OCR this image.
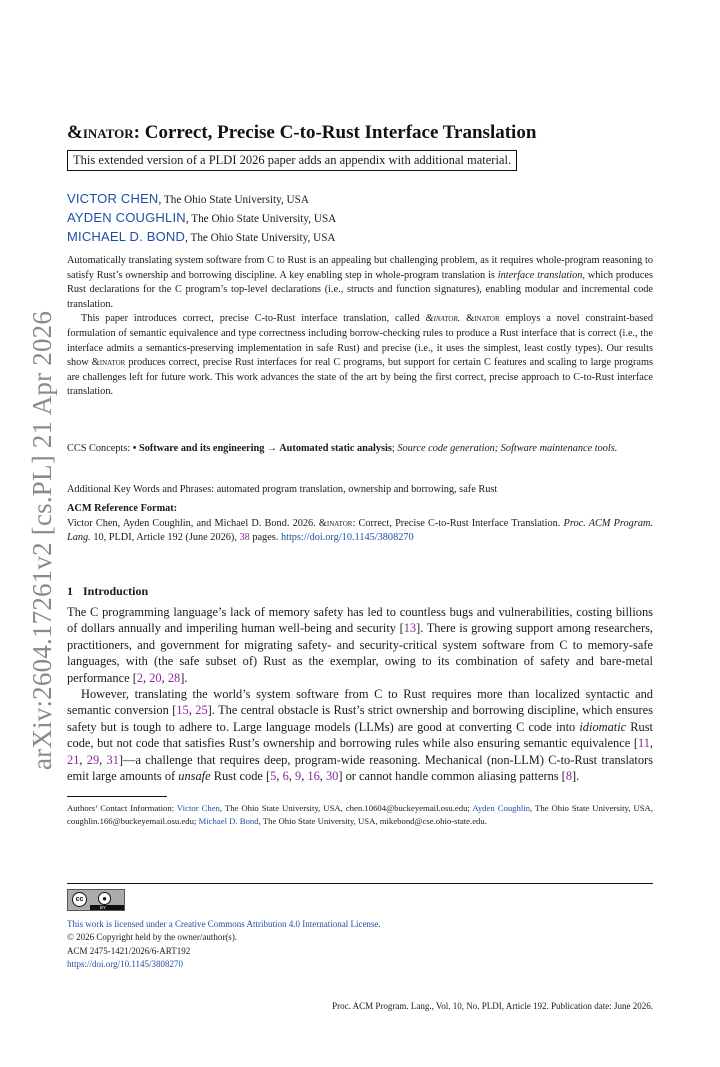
arXiv:2604.17261v2 [cs.PL] 21 Apr 2026
&inator: Correct, Precise C-to-Rust Interface Translation
This extended version of a PLDI 2026 paper adds an appendix with additional material.
VICTOR CHEN, The Ohio State University, USA
AYDEN COUGHLIN, The Ohio State University, USA
MICHAEL D. BOND, The Ohio State University, USA

Automatically translating system software from C to Rust is an appealing but challenging problem, as it requires whole-program reasoning to satisfy Rust’s ownership and borrowing discipline. A key enabling step in whole-program translation is interface translation, which produces Rust declarations for the C program’s top-level declarations (i.e., structs and function signatures), enabling modular and incremental code translation.

This paper introduces correct, precise C-to-Rust interface translation, called &inator. &inator employs a novel constraint-based formulation of semantic equivalence and type correctness including borrow-checking rules to produce a Rust interface that is correct (i.e., the interface admits a semantics-preserving implementation in safe Rust) and precise (i.e., it uses the simplest, least costly types). Our results show &inator produces correct, precise Rust interfaces for real C programs, but support for certain C features and scaling to large programs are challenges left for future work. This work advances the state of the art by being the first correct, precise approach to C-to-Rust interface translation.

CCS Concepts: • Software and its engineering → Automated static analysis; Source code generation; Software maintenance tools.

Additional Key Words and Phrases: automated program translation, ownership and borrowing, safe Rust

ACM Reference Format:
Victor Chen, Ayden Coughlin, and Michael D. Bond. 2026. &inator: Correct, Precise C-to-Rust Interface Translation. Proc. ACM Program. Lang. 10, PLDI, Article 192 (June 2026), 38 pages. https://doi.org/10.1145/3808270
1 Introduction

The C programming language’s lack of memory safety has led to countless bugs and vulnerabilities, costing billions of dollars annually and imperiling human well-being and security [13]. There is growing support among researchers, practitioners, and government for migrating safety- and security-critical system software from C to memory-safe languages, with (the safe subset of) Rust as the exemplar, owing to its combination of safety and bare-metal performance [2, 20, 28].

However, translating the world’s system software from C to Rust requires more than localized syntactic and semantic conversion [15, 25]. The central obstacle is Rust’s strict ownership and borrowing discipline, which ensures safety but is tough to adhere to. Large language models (LLMs) are good at converting C code into idiomatic Rust code, but not code that satisfies Rust’s ownership and borrowing rules while also ensuring semantic equivalence [11, 21, 29, 31]—a challenge that requires deep, program-wide reasoning. Mechanical (non-LLM) C-to-Rust translators emit large amounts of unsafe Rust code [5, 6, 9, 16, 30] or cannot handle common aliasing patterns [8].

Authors’ Contact Information: Victor Chen, The Ohio State University, USA, chen.10604@buckeyemail.osu.edu; Ayden Coughlin, The Ohio State University, USA, coughlin.166@buckeyemail.osu.edu; Michael D. Bond, The Ohio State University, USA, mikebond@cse.ohio-state.edu.

cc	●
BY
This work is licensed under a Creative Commons Attribution 4.0 International License.
© 2026 Copyright held by the owner/author(s).
ACM 2475-1421/2026/6-ART192
https://doi.org/10.1145/3808270
Proc. ACM Program. Lang., Vol. 10, No. PLDI, Article 192. Publication date: June 2026.
